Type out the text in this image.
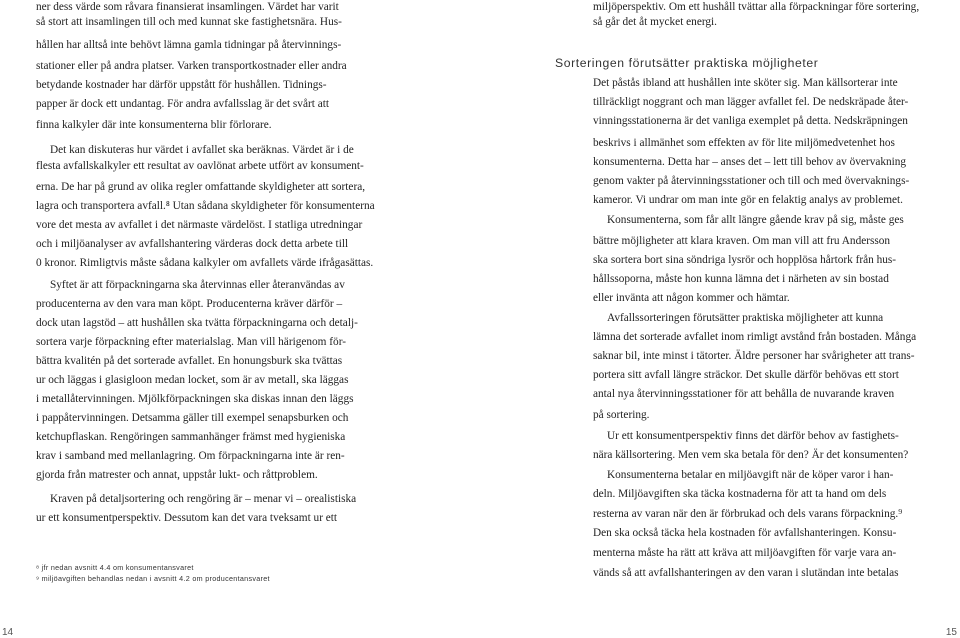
ner dess värde som råvara finansierat insamlingen. Värdet har varit
så stort att insamlingen till och med kunnat ske fastighetsnära. Hus-
hållen har alltså inte behövt lämna gamla tidningar på återvinnings-
stationer eller på andra platser. Varken transportkostnader eller andra
betydande kostnader har därför uppstått för hushållen. Tidnings-
papper är dock ett undantag. För andra avfallsslag är det svårt att
finna kalkyler där inte konsumenterna blir förlorare.
Det kan diskuteras hur värdet i avfallet ska beräknas. Värdet är i de
flesta avfallskalkyler ett resultat av oavlönat arbete utfört av konsument-
erna. De har på grund av olika regler omfattande skyldigheter att sortera,
lagra och transportera avfall.⁸ Utan sådana skyldigheter för konsumenterna
vore det mesta av avfallet i det närmaste värdelöst. I statliga utredningar
och i miljöanalyser av avfallshantering värderas dock detta arbete till
0 kronor. Rimligtvis måste sådana kalkyler om avfallets värde ifrågasättas.
Syftet är att förpackningarna ska återvinnas eller återanvändas av
producenterna av den vara man köpt. Producenterna kräver därför –
dock utan lagstöd – att hushållen ska tvätta förpackningarna och detalj-
sortera varje förpackning efter materialslag. Man vill härigenom för-
bättra kvalitén på det sorterade avfallet. En honungsburk ska tvättas
ur och läggas i glasigloon medan locket, som är av metall, ska läggas
i metallåtervinningen. Mjölkförpackningen ska diskas innan den läggs
i pappåtervinningen. Detsamma gäller till exempel senapsburken och
ketchupflaskan. Rengöringen sammanhänger främst med hygieniska
krav i samband med mellanlagring. Om förpackningarna inte är ren-
gjorda från matrester och annat, uppstår lukt- och råttproblem.
Kraven på detaljsortering och rengöring är – menar vi – orealistiska
ur ett konsumentperspektiv. Dessutom kan det vara tveksamt ur ett
⁸ jfr nedan avsnitt 4.4 om konsumentansvaret
⁹ miljöavgiften behandlas nedan i avsnitt 4.2 om producentansvaret
miljöperspektiv. Om ett hushåll tvättar alla förpackningar före sortering,
så går det åt mycket energi.
Sorteringen förutsätter praktiska möjligheter
Det påstås ibland att hushållen inte sköter sig. Man källsorterar inte
tillräckligt noggrant och man lägger avfallet fel. De nedskräpade åter-
vinningsstationerna är det vanliga exemplet på detta. Nedskräpningen
beskrivs i allmänhet som effekten av för lite miljömedvetenhet hos
konsumenterna. Detta har – anses det – lett till behov av övervakning
genom vakter på återvinningsstationer och till och med övervaknings-
kameror. Vi undrar om man inte gör en felaktig analys av problemet.
Konsumenterna, som får allt längre gående krav på sig, måste ges
bättre möjligheter att klara kraven. Om man vill att fru Andersson
ska sortera bort sina söndriga lysrör och hopplösa hårtork från hus-
hållssoporna, måste hon kunna lämna det i närheten av sin bostad
eller inväntа att någon kommer och hämtar.
Avfallssorteringen förutsätter praktiska möjligheter att kunna
lämna det sorterade avfallet inom rimligt avstånd från bostaden. Många
saknar bil, inte minst i tätorter. Äldre personer har svårigheter att trans-
portera sitt avfall längre sträckor. Det skulle därför behövas ett stort
antal nya återvinningsstationer för att behålla de nuvarande kraven
på sortering.
Ur ett konsumentperspektiv finns det därför behov av fastighets-
nära källsortering. Men vem ska betala för den? Är det konsumenten?
Konsumenterna betalar en miljöavgift när de köper varor i han-
deln. Miljöavgiften ska täcka kostnaderna för att ta hand om dels
resterna av varan när den är förbrukad och dels varans förpackning.⁹
Den ska också täcka hela kostnaden för avfallshanteringen. Konsu-
menterna måste ha rätt att kräva att miljöavgiften för varje vara an-
vänds så att avfallshanteringen av den varan i slutändan inte betalas
14	15
